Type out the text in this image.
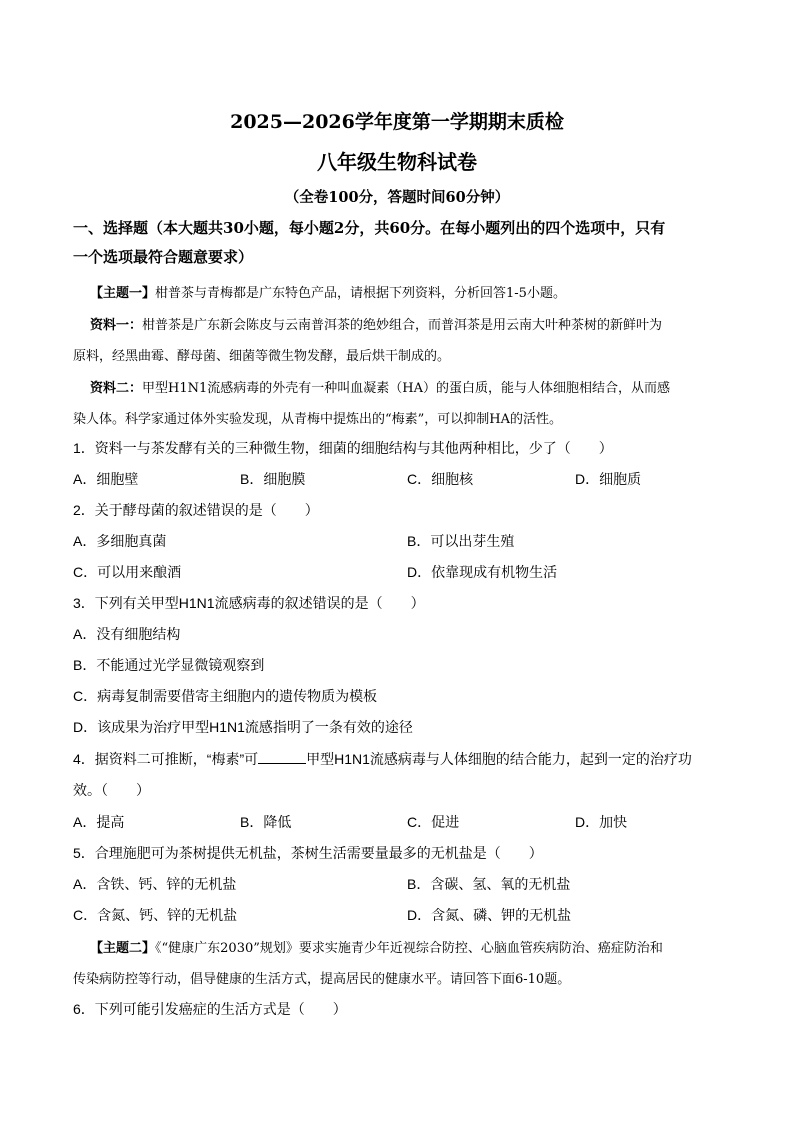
2025—2026学年度第一学期期末质检
八年级生物科试卷
（全卷100分，答题时间60分钟）
一、选择题（本大题共30小题，每小题2分，共60分。在每小题列出的四个选项中，只有
一个选项最符合题意要求）
【主题一】柑普茶与青梅都是广东特色产品，请根据下列资料，分析回答1-5小题。
资料一：柑普茶是广东新会陈皮与云南普洱茶的绝妙组合，而普洱茶是用云南大叶种茶树的新鲜叶为
原料，经黑曲霉、酵母菌、细菌等微生物发酵，最后烘干制成的。
资料二：甲型H1N1流感病毒的外壳有一种叫血凝素（HA）的蛋白质，能与人体细胞相结合，从而感
染人体。科学家通过体外实验发现，从青梅中提炼出的“梅素”，可以抑制HA的活性。
1．资料一与茶发酵有关的三种微生物，细菌的细胞结构与其他两种相比，少了（　　）
A．细胞壁	B．细胞膜	C．细胞核	D．细胞质
2．关于酵母菌的叙述错误的是（　　）
A．多细胞真菌	B．可以出芽生殖
C．可以用来酿酒	D．依靠现成有机物生活
3．下列有关甲型H1N1流感病毒的叙述错误的是（　　）
A．没有细胞结构
B．不能通过光学显微镜观察到
C．病毒复制需要借寄主细胞内的遗传物质为模板
D．该成果为治疗甲型H1N1流感指明了一条有效的途径
4．据资料二可推断，“梅素”可	甲型H1N1流感病毒与人体细胞的结合能力，起到一定的治疗功
效。（　　）
A．提高	B．降低	C．促进	D．加快
5．合理施肥可为茶树提供无机盐，茶树生活需要量最多的无机盐是（　　）
A．含铁、钙、锌的无机盐	B．含碳、氢、氧的无机盐
C．含氮、钙、锌的无机盐	D．含氮、磷、钾的无机盐
【主题二】《“健康广东2030”规划》要求实施青少年近视综合防控、心脑血管疾病防治、癌症防治和
传染病防控等行动，倡导健康的生活方式，提高居民的健康水平。请回答下面6-10题。
6．下列可能引发癌症的生活方式是（　　）
